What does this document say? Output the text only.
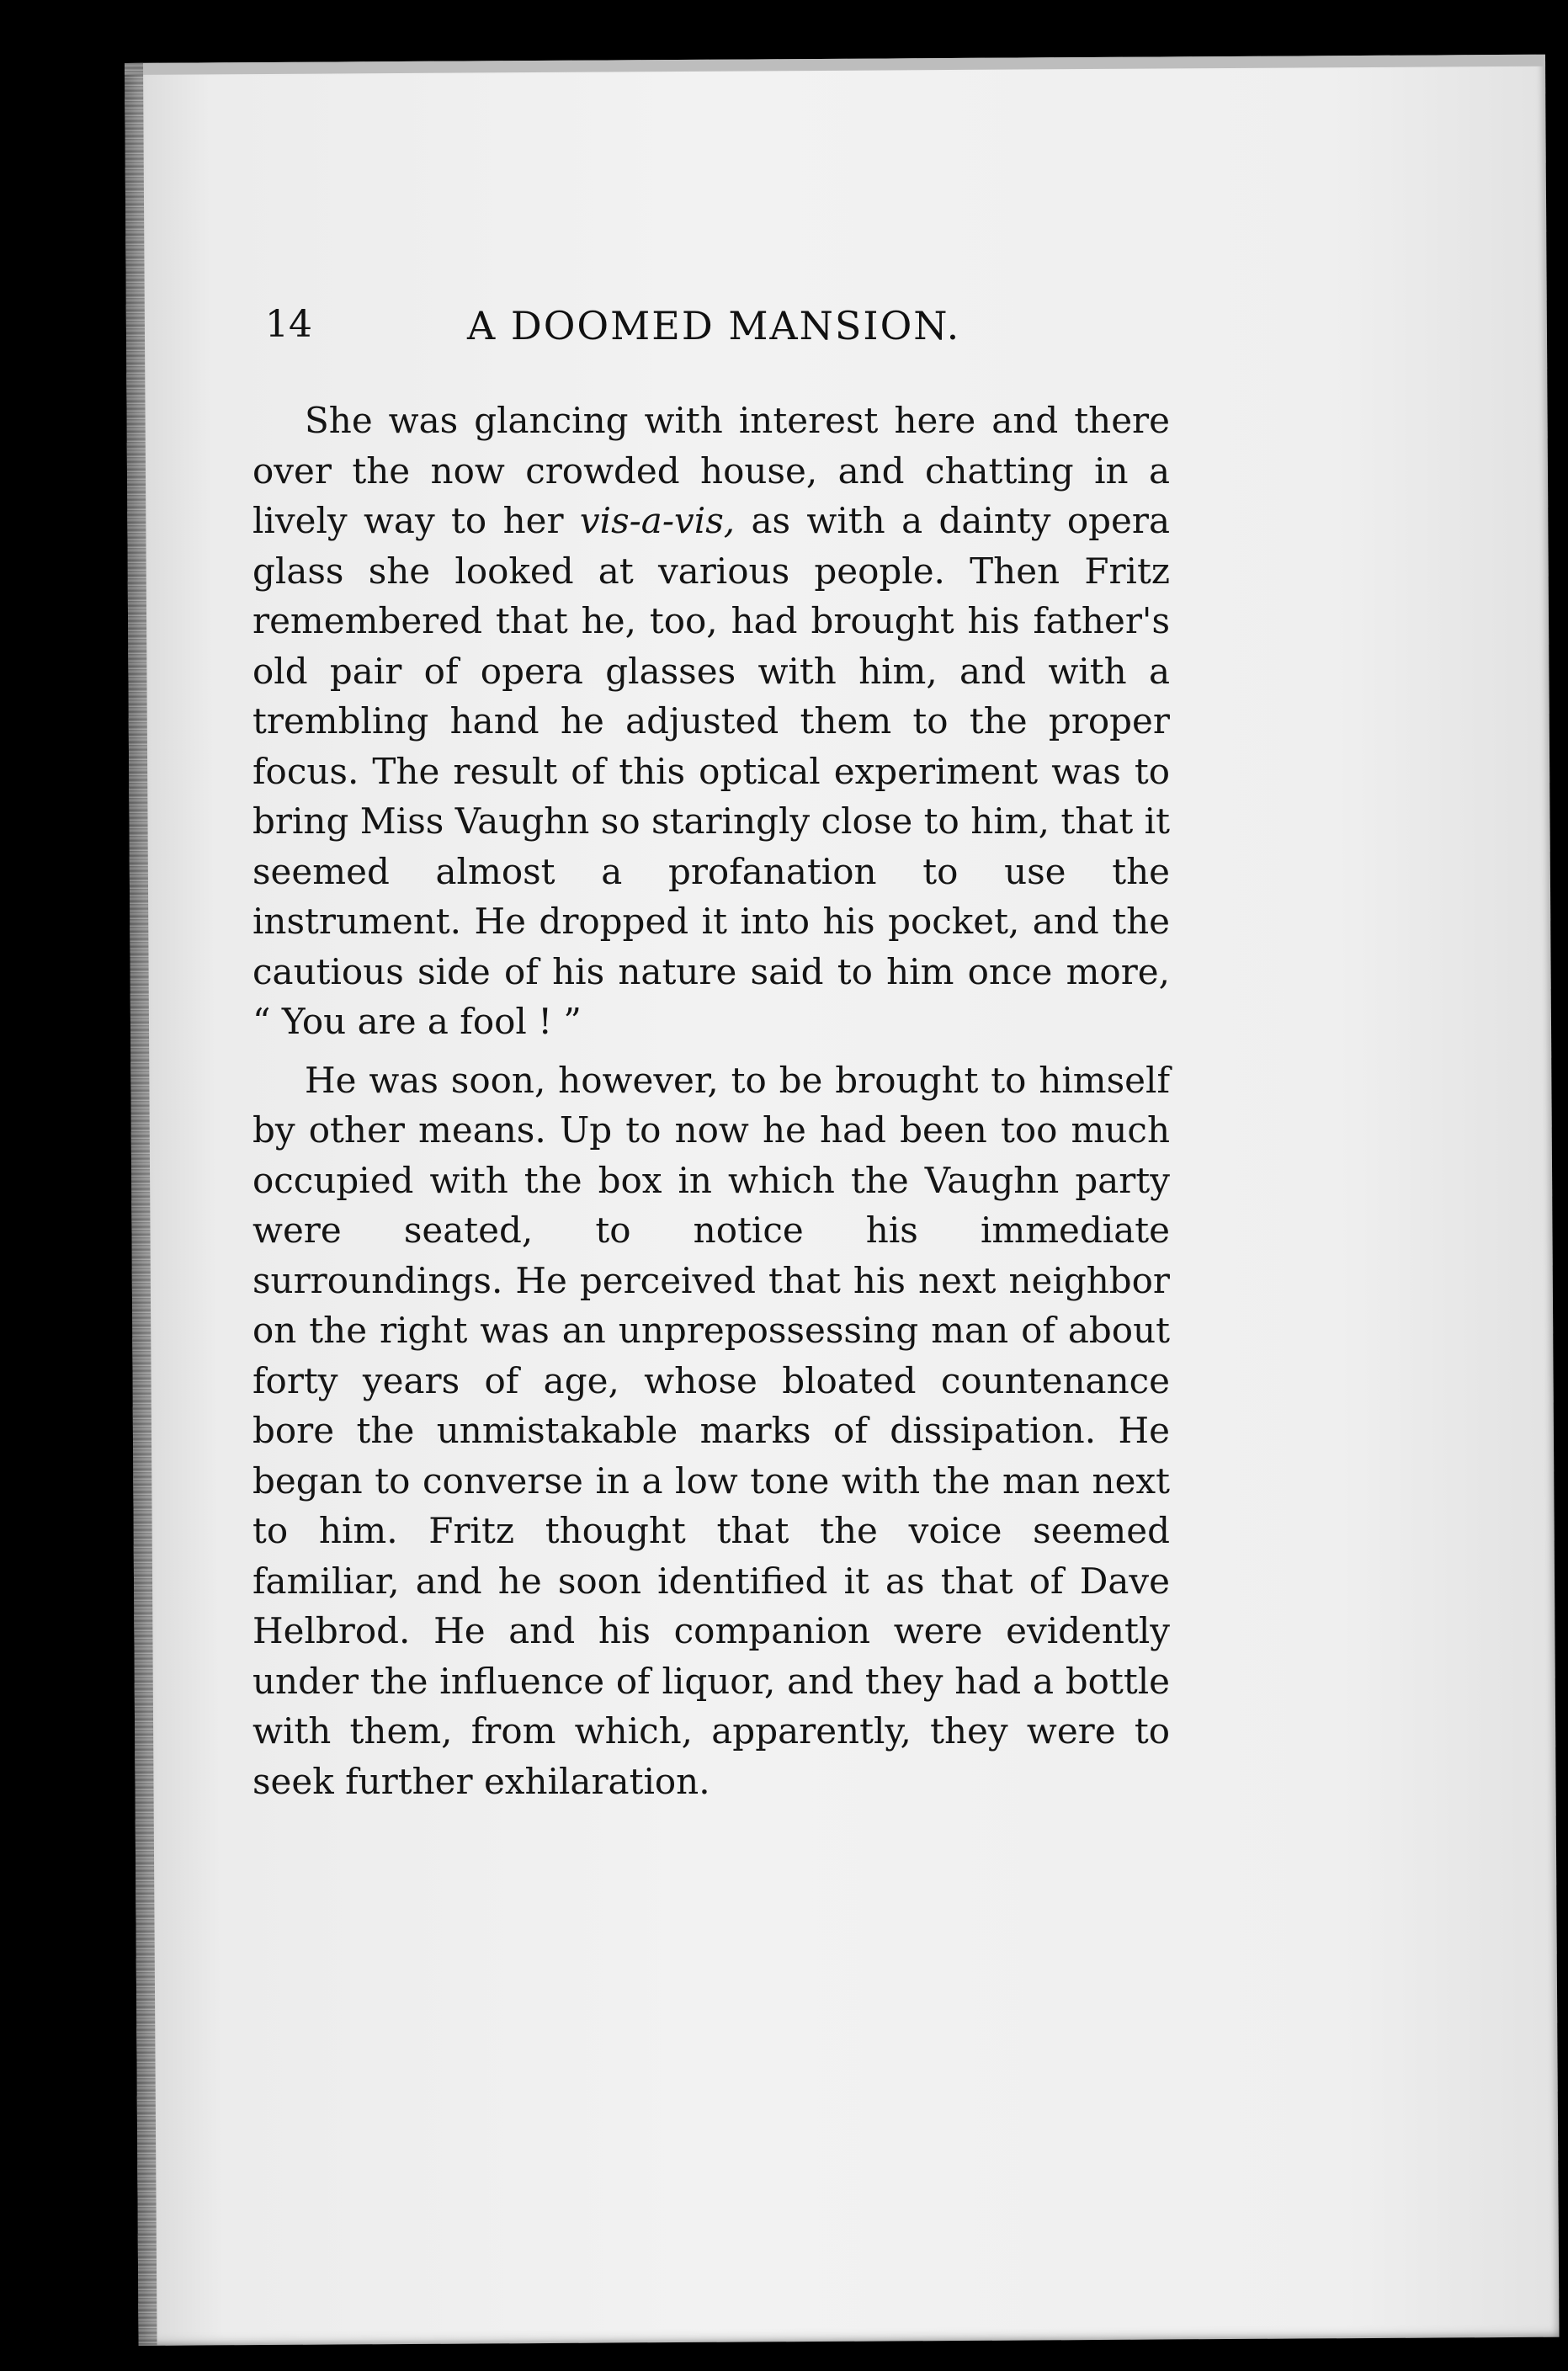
14	A DOOMED MANSION.

She was glancing with interest here and there over the now crowded house, and chatting in a lively way to her vis-a-vis, as with a dainty opera glass she looked at various people. Then Fritz remembered that he, too, had brought his father's old pair of opera glasses with him, and with a trembling hand he adjusted them to the proper focus. The result of this optical experiment was to bring Miss Vaughn so staringly close to him, that it seemed almost a profanation to use the instrument. He dropped it into his pocket, and the cautious side of his nature said to him once more, “ You are a fool ! ”

He was soon, however, to be brought to himself by other means. Up to now he had been too much occupied with the box in which the Vaughn party were seated, to notice his immediate surroundings. He perceived that his next neighbor on the right was an unprepossessing man of about forty years of age, whose bloated countenance bore the unmistakable marks of dissipation. He began to converse in a low tone with the man next to him. Fritz thought that the voice seemed familiar, and he soon identified it as that of Dave Helbrod. He and his companion were evidently under the influence of liquor, and they had a bottle with them, from which, apparently, they were to seek further exhilaration.
